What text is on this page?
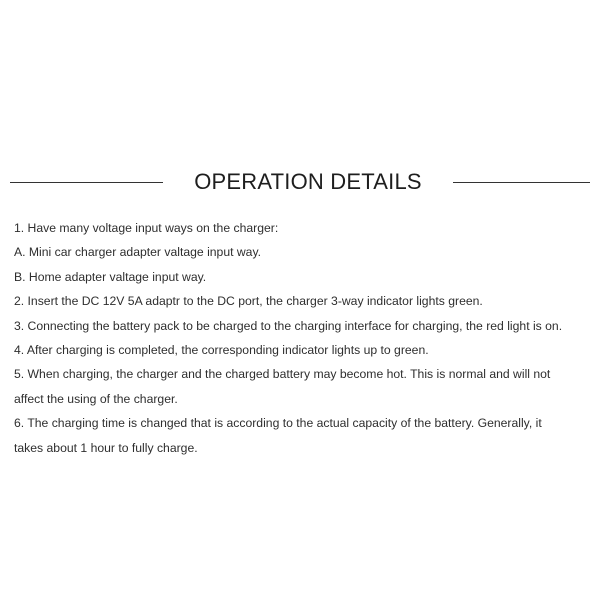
OPERATION DETAILS
1. Have many voltage input ways on the charger:
A. Mini car charger adapter valtage input way.
B. Home adapter valtage input way.
2. Insert the DC 12V 5A adaptr to the DC port, the charger 3-way indicator lights green.
3. Connecting the battery pack to be charged to the charging interface for charging, the red light is on.
4. After charging is completed, the corresponding indicator lights up to green.
5. When charging, the charger and the charged battery may become hot. This is normal and will not
affect the using of the charger.
6. The charging time is changed that is according to the actual capacity of the battery. Generally, it
takes about 1 hour to fully charge.
